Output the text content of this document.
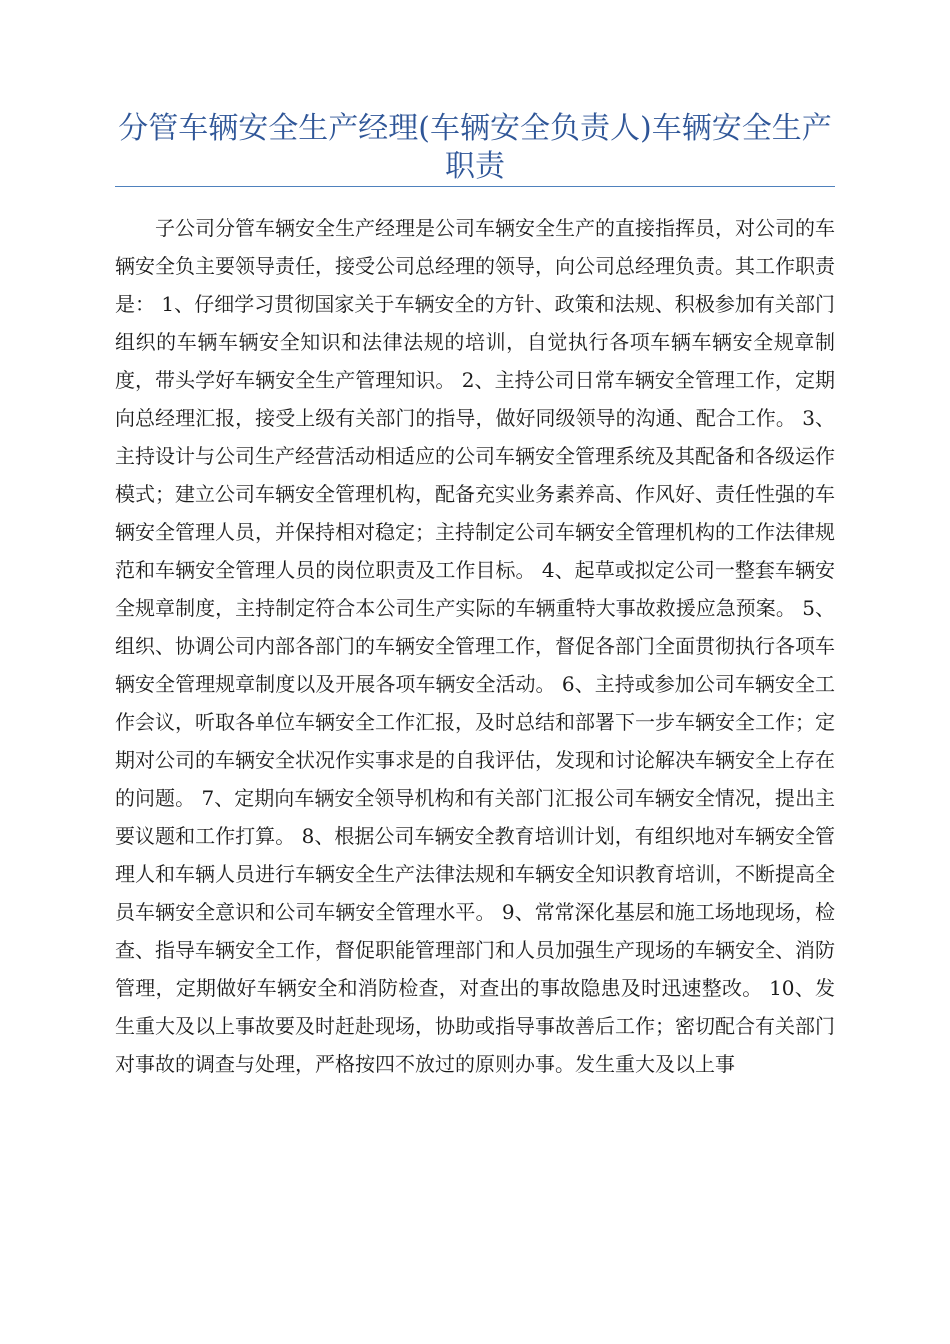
分管车辆安全生产经理(车辆安全负责人)车辆安全生产职责

子公司分管车辆安全生产经理是公司车辆安全生产的直接指挥员，对公司的车辆安全负主要领导责任，接受公司总经理的领导，向公司总经理负责。其工作职责是： 1、仔细学习贯彻国家关于车辆安全的方针、政策和法规、积极参加有关部门组织的车辆车辆安全知识和法律法规的培训，自觉执行各项车辆车辆安全规章制度，带头学好车辆安全生产管理知识。 2、主持公司日常车辆安全管理工作，定期向总经理汇报，接受上级有关部门的指导，做好同级领导的沟通、配合工作。 3、主持设计与公司生产经营活动相适应的公司车辆安全管理系统及其配备和各级运作模式；建立公司车辆安全管理机构，配备充实业务素养高、作风好、责任性强的车辆安全管理人员，并保持相对稳定；主持制定公司车辆安全管理机构的工作法律规范和车辆安全管理人员的岗位职责及工作目标。 4、起草或拟定公司一整套车辆安全规章制度，主持制定符合本公司生产实际的车辆重特大事故救援应急预案。 5、组织、协调公司内部各部门的车辆安全管理工作，督促各部门全面贯彻执行各项车辆安全管理规章制度以及开展各项车辆安全活动。 6、主持或参加公司车辆安全工作会议，听取各单位车辆安全工作汇报，及时总结和部署下一步车辆安全工作；定期对公司的车辆安全状况作实事求是的自我评估，发现和讨论解决车辆安全上存在的问题。 7、定期向车辆安全领导机构和有关部门汇报公司车辆安全情况，提出主要议题和工作打算。 8、根据公司车辆安全教育培训计划，有组织地对车辆安全管理人和车辆人员进行车辆安全生产法律法规和车辆安全知识教育培训，不断提高全员车辆安全意识和公司车辆安全管理水平。 9、常常深化基层和施工场地现场，检查、指导车辆安全工作，督促职能管理部门和人员加强生产现场的车辆安全、消防管理，定期做好车辆安全和消防检查，对查出的事故隐患及时迅速整改。 10、发生重大及以上事故要及时赶赴现场，协助或指导事故善后工作；密切配合有关部门对事故的调查与处理，严格按四不放过的原则办事。发生重大及以上事
